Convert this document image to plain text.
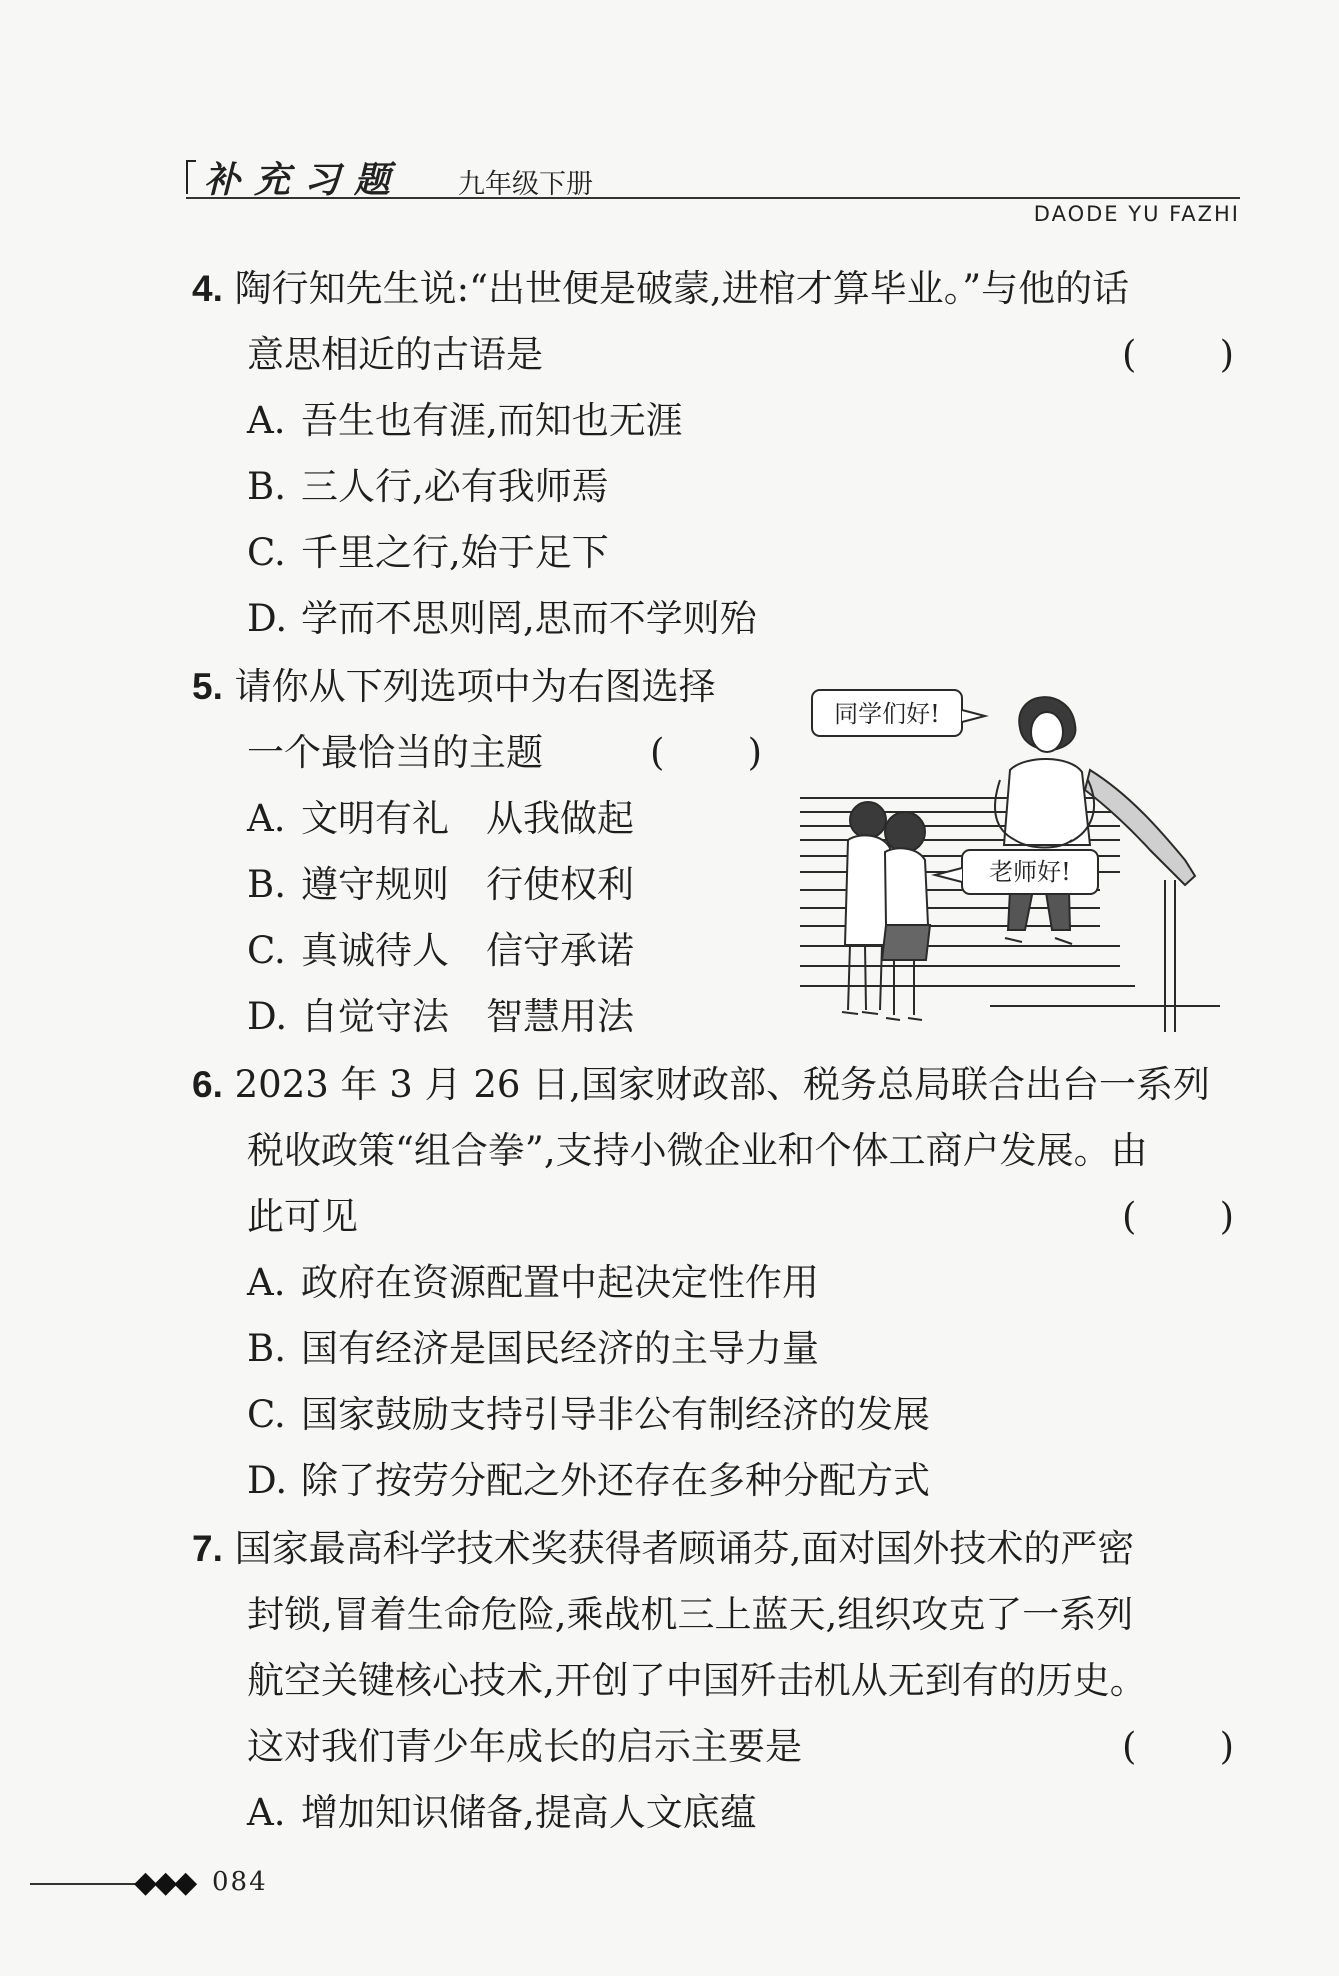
补充习题 九年级下册
DAODE YU FAZHI
4. 陶行知先生说:“出世便是破蒙,进棺才算毕业。”与他的话
意思相近的古语是	( )
A. 吾生也有涯,而知也无涯
B. 三人行,必有我师焉
C. 千里之行,始于足下
D. 学而不思则罔,思而不学则殆
5. 请你从下列选项中为右图选择
一个最恰当的主题	( )
A. 文明有礼　从我做起
B. 遵守规则　行使权利
C. 真诚待人　信守承诺
D. 自觉守法　智慧用法
同学们好!
老师好!
6. 2023 年 3 月 26 日,国家财政部、税务总局联合出台一系列
税收政策“组合拳”,支持小微企业和个体工商户发展。由
此可见	( )
A. 政府在资源配置中起决定性作用
B. 国有经济是国民经济的主导力量
C. 国家鼓励支持引导非公有制经济的发展
D. 除了按劳分配之外还存在多种分配方式
7. 国家最高科学技术奖获得者顾诵芬,面对国外技术的严密
封锁,冒着生命危险,乘战机三上蓝天,组织攻克了一系列
航空关键核心技术,开创了中国歼击机从无到有的历史。
这对我们青少年成长的启示主要是	( )
A. 增加知识储备,提高人文底蕴
◆◆◆ 084
